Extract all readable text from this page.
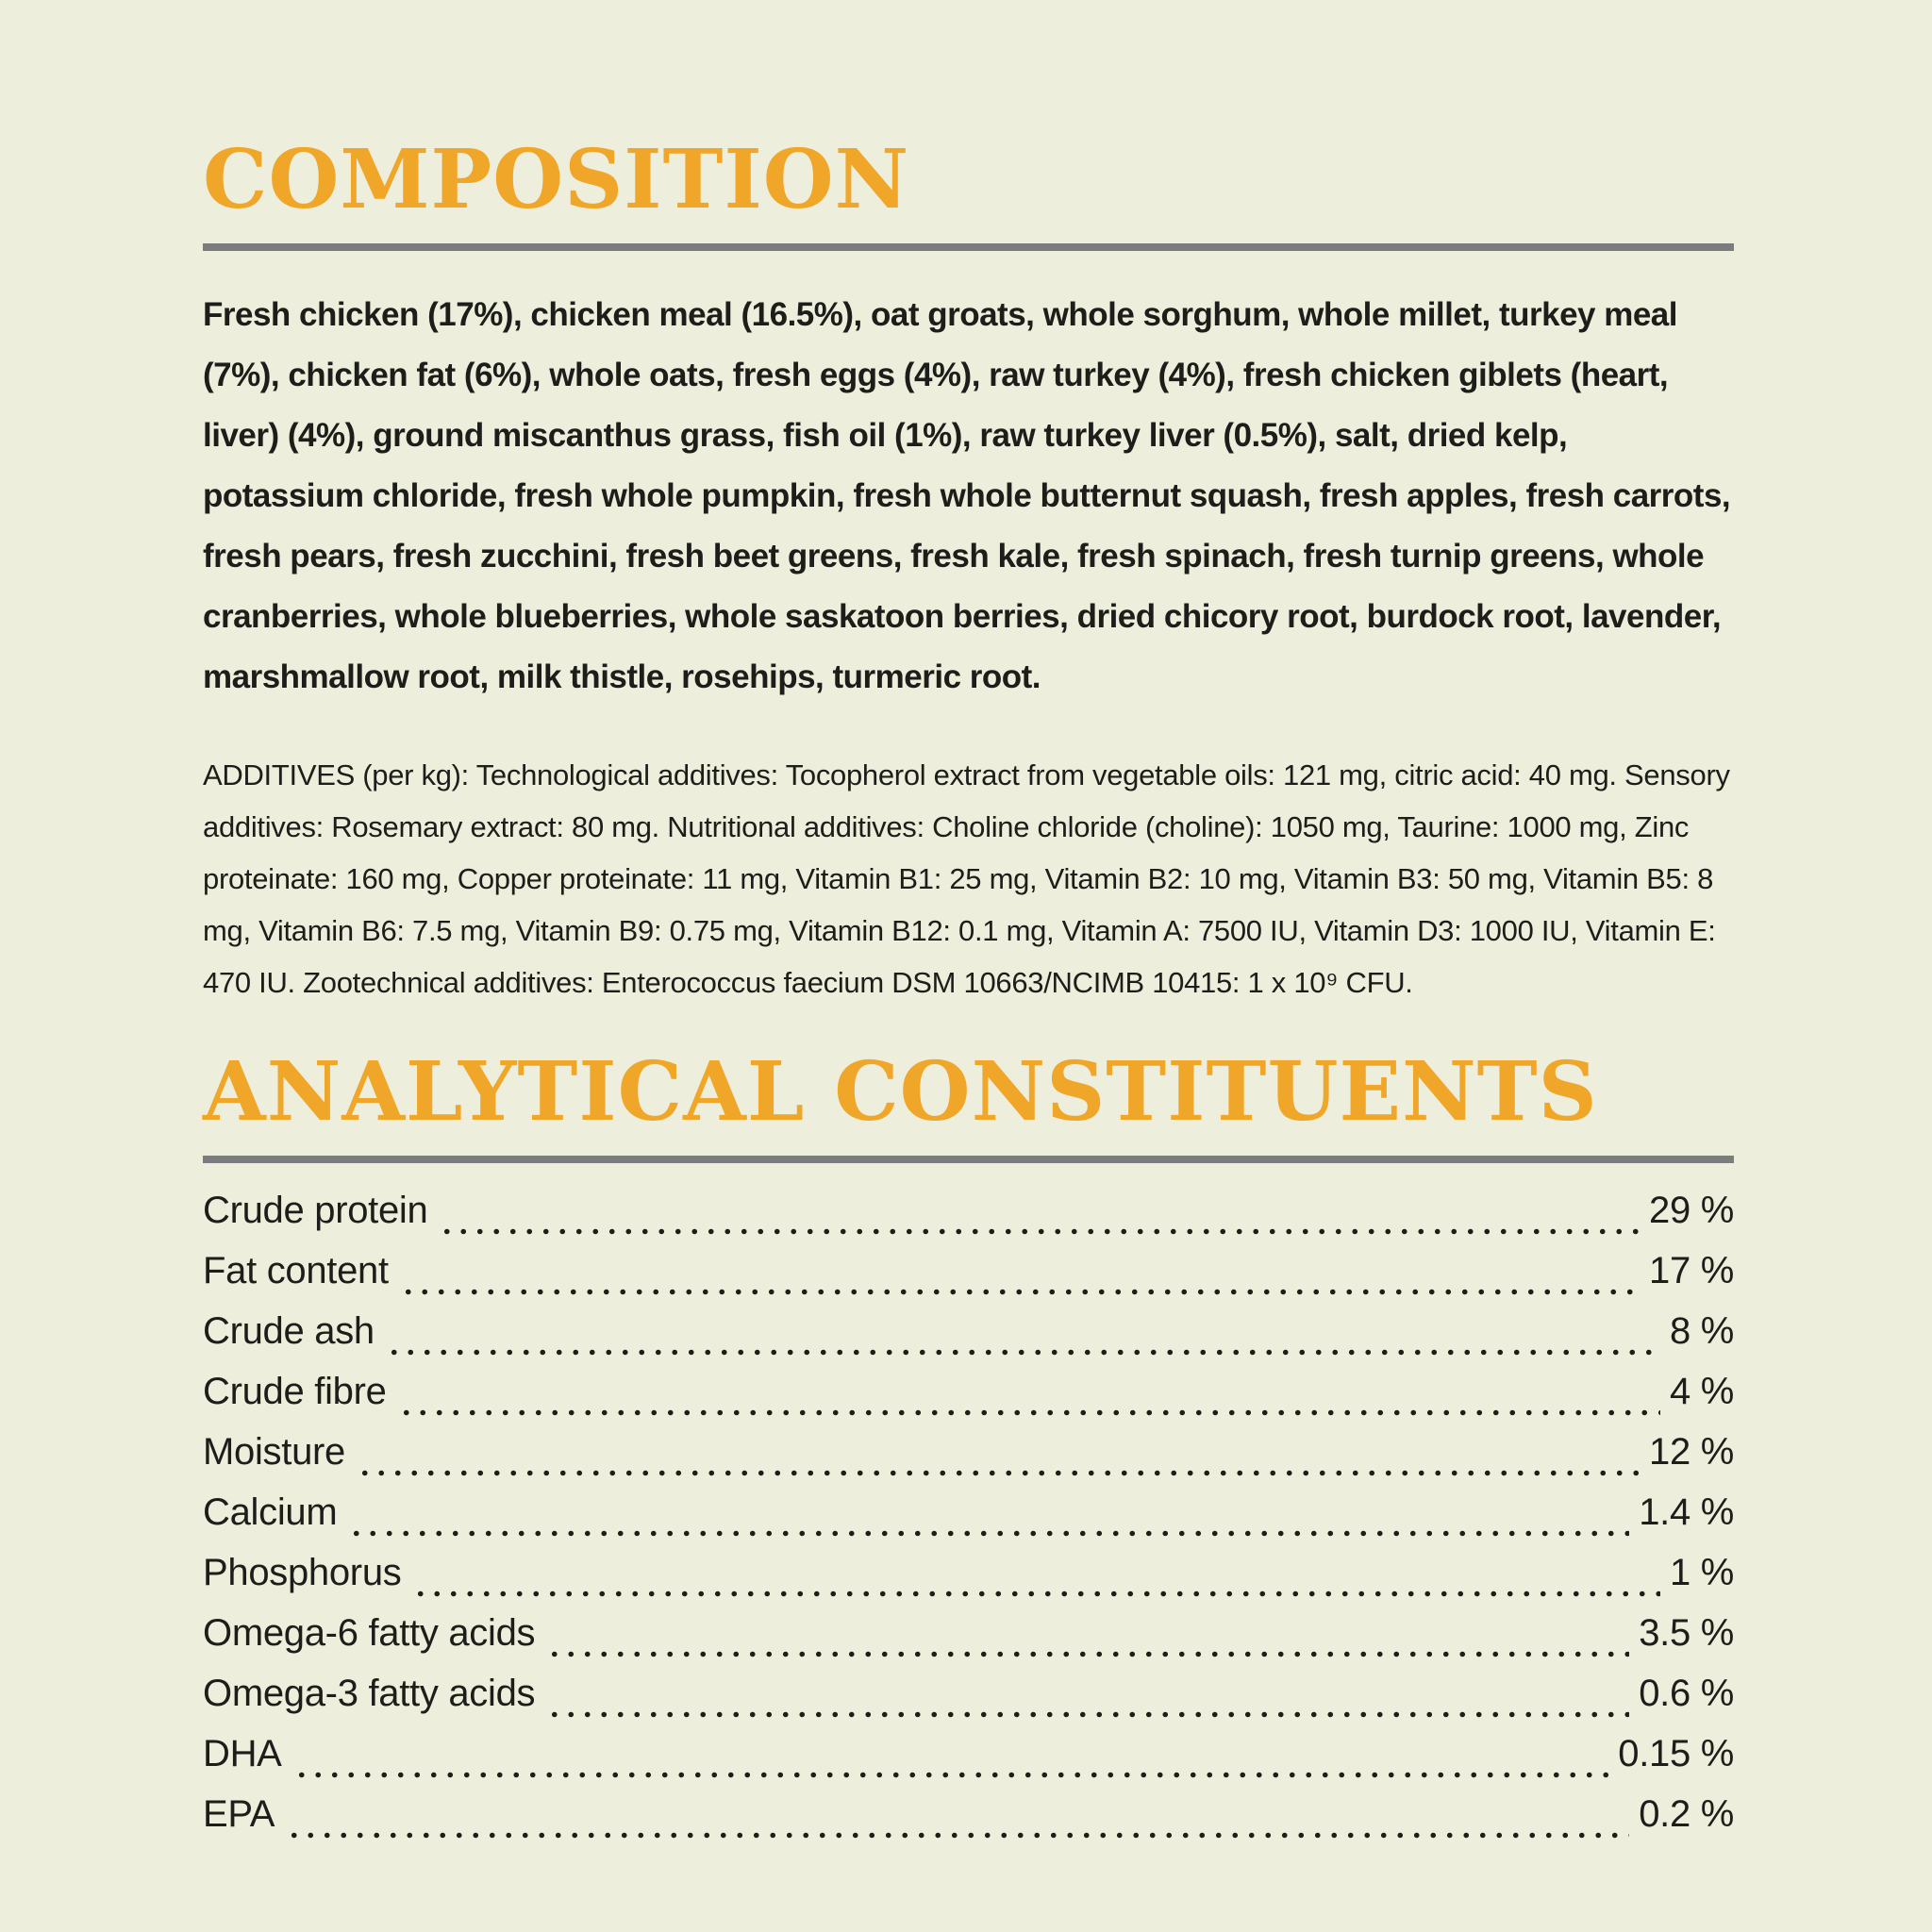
COMPOSITION

Fresh chicken (17%), chicken meal (16.5%), oat groats, whole sorghum, whole millet, turkey meal (7%), chicken fat (6%), whole oats, fresh eggs (4%), raw turkey (4%), fresh chicken giblets (heart, liver) (4%), ground miscanthus grass, fish oil (1%), raw turkey liver (0.5%), salt, dried kelp, potassium chloride, fresh whole pumpkin, fresh whole butternut squash, fresh apples, fresh carrots, fresh pears, fresh zucchini, fresh beet greens, fresh kale, fresh spinach, fresh turnip greens, whole cranberries, whole blueberries, whole saskatoon berries, dried chicory root, burdock root, lavender, marshmallow root, milk thistle, rosehips, turmeric root.

ADDITIVES (per kg): Technological additives: Tocopherol extract from vegetable oils: 121 mg, citric acid: 40 mg. Sensory additives: Rosemary extract: 80 mg. Nutritional additives: Choline chloride (choline): 1050 mg, Taurine: 1000 mg, Zinc proteinate: 160 mg, Copper proteinate: 11 mg, Vitamin B1: 25 mg, Vitamin B2: 10 mg, Vitamin B3: 50 mg, Vitamin B5: 8 mg, Vitamin B6: 7.5 mg, Vitamin B9: 0.75 mg, Vitamin B12: 0.1 mg, Vitamin A: 7500 IU, Vitamin D3: 1000 IU, Vitamin E: 470 IU. Zootechnical additives: Enterococcus faecium DSM 10663/NCIMB 10415: 1 x 10⁹ CFU.

ANALYTICAL CONSTITUENTS
Crude protein	29 %
Fat content	17 %
Crude ash	8 %
Crude fibre	4 %
Moisture	12 %
Calcium	1.4 %
Phosphorus	1 %
Omega-6 fatty acids	3.5 %
Omega-3 fatty acids	0.6 %
DHA	0.15 %
EPA	0.2 %
